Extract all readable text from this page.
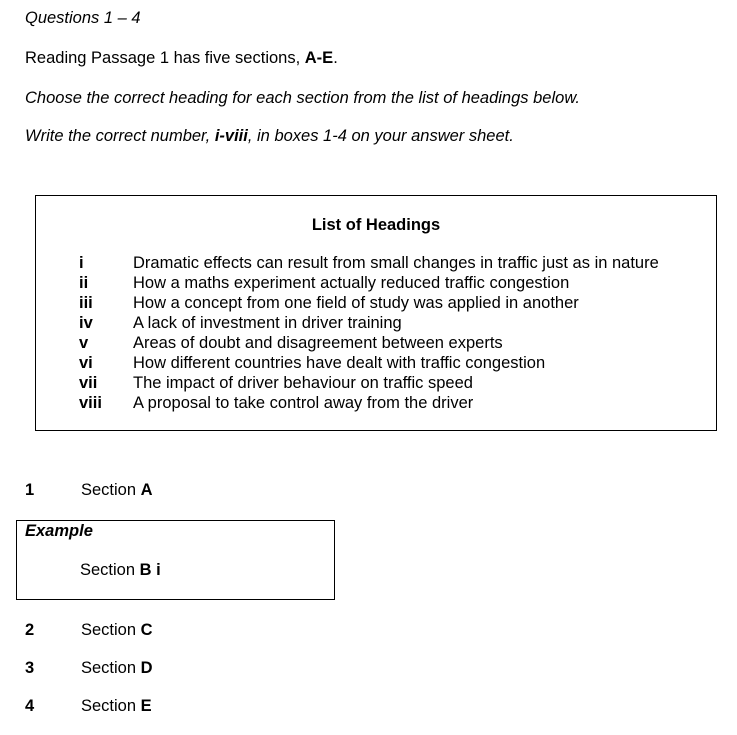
Questions 1 – 4
Reading Passage 1 has five sections, A-E.
Choose the correct heading for each section from the list of headings below.
Write the correct number, i-viii, in boxes 1-4 on your answer sheet.
List of Headings
i	Dramatic effects can result from small changes in traffic just as in nature
ii	How a maths experiment actually reduced traffic congestion
iii How a concept from one field of study was applied in another
iv A lack of investment in driver training
v	Areas of doubt and disagreement between experts
vi How different countries have dealt with traffic congestion
vii The impact of driver behaviour on traffic speed
viii A proposal to take control away from the driver
1	Section A
Example
Section B i
2	Section C
3	Section D
4	Section E
